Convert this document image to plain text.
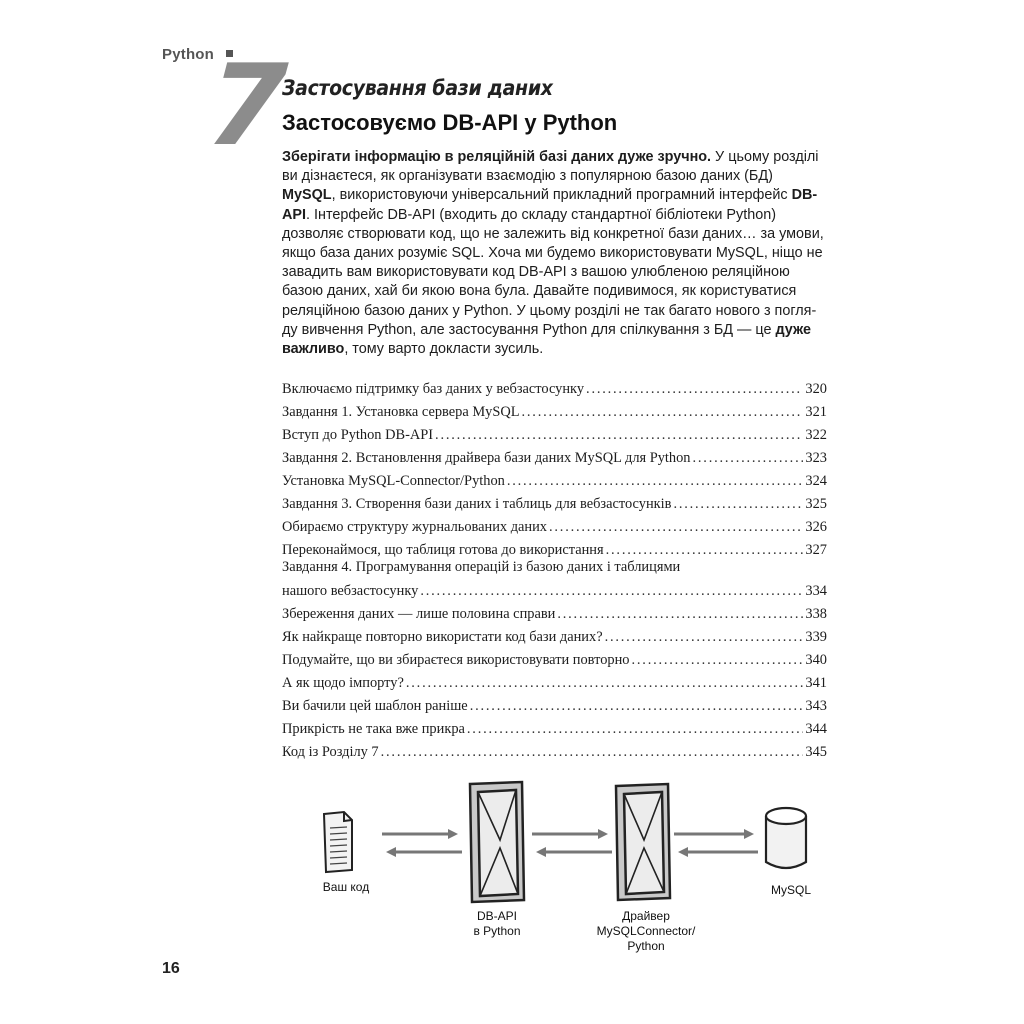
Python
7
Застосування бази даних
Застосовуємо DB-API у Python
Зберігати інформацію в реляційній базі даних дуже зручно. У цьому розділі ви дізнаєтеся, як організувати взаємодію з популярною базою даних (БД) MySQL, використовуючи універсальний прикладний програмний інтерфейс DB-API. Інтерфейс DB-API (входить до складу стандартної бібліотеки Python) дозволяє створювати код, що не залежить від конкретної бази даних… за умови, якщо база даних розуміє SQL. Хоча ми будемо використовувати MySQL, ніщо не завадить вам використовувати код DB-API з вашою улюбленою реляційною базою даних, хай би якою вона була. Давайте подивимося, як користуватися реляційною базою даних у Python. У цьому розділі не так багато нового з погляду вивчення Python, але застосування Python для спілкування з БД — це дуже важливо, тому варто докласти зусиль.
Включаємо підтримку баз даних у вебзастосунку .....	320
Завдання 1. Установка сервера MySQL .....	321
Вступ до Python DB-API .....	322
Завдання 2. Встановлення драйвера бази даних MySQL для Python .....	323
Установка MySQL-Connector/Python .....	324
Завдання 3. Створення бази даних і таблиць для вебзастосунків .....	325
Обираємо структуру журнальованих даних .....	326
Переконаймося, що таблиця готова до використання .....	327
Завдання 4. Програмування операцій із базою даних і таблицями
нашого вебзастосунку .....	334
Збереження даних — лише половина справи .....	338
Як найкраще повторно використати код бази даних? .....	339
Подумайте, що ви збираєтеся використовувати повторно .....	340
А як щодо імпорту? .....	341
Ви бачили цей шаблон раніше .....	343
Прикрість не така вже прикра .....	344
Код із Розділу 7 .....	345
Ваш код
DB-API
в Python
Драйвер
MySQLConnector/
Python
MySQL
16
